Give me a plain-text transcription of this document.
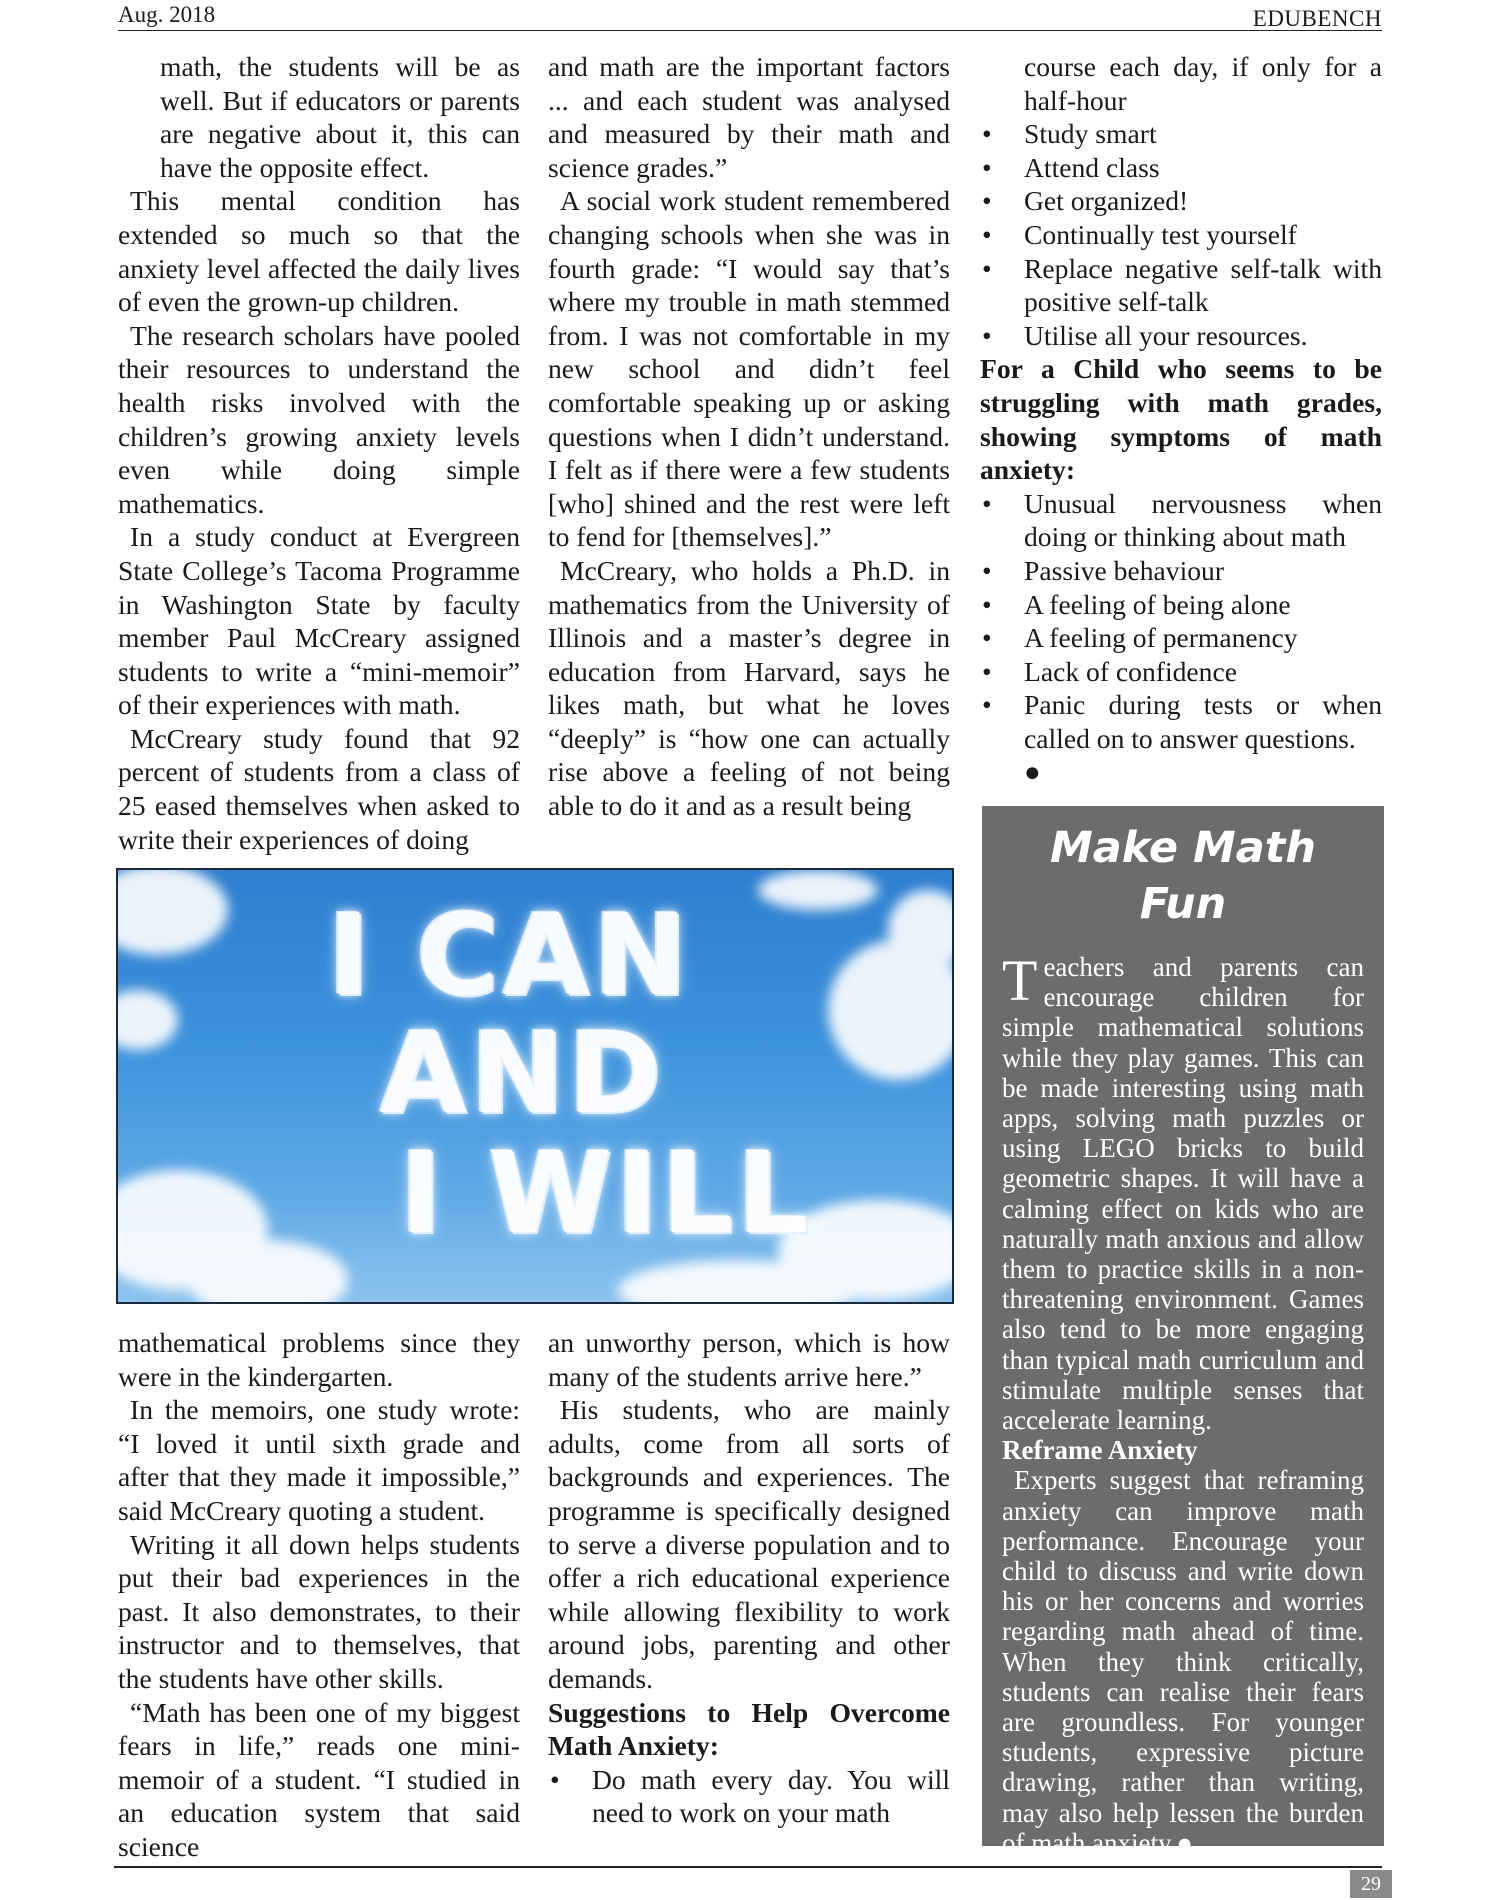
Aug. 2018	EDUBENCH

math, the students will be as well. But if educators or parents are negative about it, this can have the opposite effect.

This mental condition has extended so much so that the anxiety level affected the daily lives of even the grown-up children.

The research scholars have pooled their resources to understand the health risks involved with the children’s growing anxiety levels even while doing simple mathematics.

In a study conduct at Evergreen State College’s Tacoma Programme in Washington State by faculty member Paul McCreary assigned students to write a “mini-memoir” of their experiences with math.

McCreary study found that 92 percent of students from a class of 25 eased themselves when asked to write their experiences of doing

and math are the important factors ... and each student was analysed and measured by their math and science grades.”

A social work student remembered changing schools when she was in fourth grade: “I would say that’s where my trouble in math stemmed from. I was not comfortable in my new school and didn’t feel comfortable speaking up or asking questions when I didn’t understand. I felt as if there were a few students [who] shined and the rest were left to fend for [themselves].”

McCreary, who holds a Ph.D. in mathematics from the University of Illinois and a master’s degree in education from Harvard, says he likes math, but what he loves “deeply” is “how one can actually rise above a feeling of not being able to do it and as a result being

course each day, if only for a half-hour

• Study smart
• Attend class
• Get organized!
• Continually test yourself
• Replace negative self-talk with positive self-talk
• Utilise all your resources.

For a Child who seems to be struggling with math grades, showing symptoms of math anxiety:

• Unusual nervousness when doing or thinking about math
• Passive behaviour
• A feeling of being alone
• A feeling of permanency
• Lack of confidence
• Panic during tests or when called on to answer questions.
●
I CAN
AND
I WILL

mathematical problems since they were in the kindergarten.

In the memoirs, one study wrote: “I loved it until sixth grade and after that they made it impossible,” said McCreary quoting a student.

Writing it all down helps students put their bad experiences in the past. It also demonstrates, to their instructor and to themselves, that the students have other skills.

“Math has been one of my biggest fears in life,” reads one mini-memoir of a student. “I studied in an education system that said science

an unworthy person, which is how many of the students arrive here.”

His students, who are mainly adults, come from all sorts of backgrounds and experiences. The programme is specifically designed to serve a diverse population and to offer a rich educational experience while allowing flexibility to work around jobs, parenting and other demands.

Suggestions to Help Overcome Math Anxiety:

• Do math every day. You will need to work on your math
Make Math Fun

Teachers and parents can encourage children for simple mathematical solutions while they play games. This can be made interesting using math apps, solving math puzzles or using LEGO bricks to build geometric shapes. It will have a calming effect on kids who are naturally math anxious and allow them to practice skills in a non-threatening environment. Games also tend to be more engaging than typical math curriculum and stimulate multiple senses that accelerate learning.

Reframe Anxiety

Experts suggest that reframing anxiety can improve math performance. Encourage your child to discuss and write down his or her concerns and worries regarding math ahead of time. When they think critically, students can realise their fears are groundless. For younger students, expressive picture drawing, rather than writing, may also help lessen the burden of math anxiety.●

29
